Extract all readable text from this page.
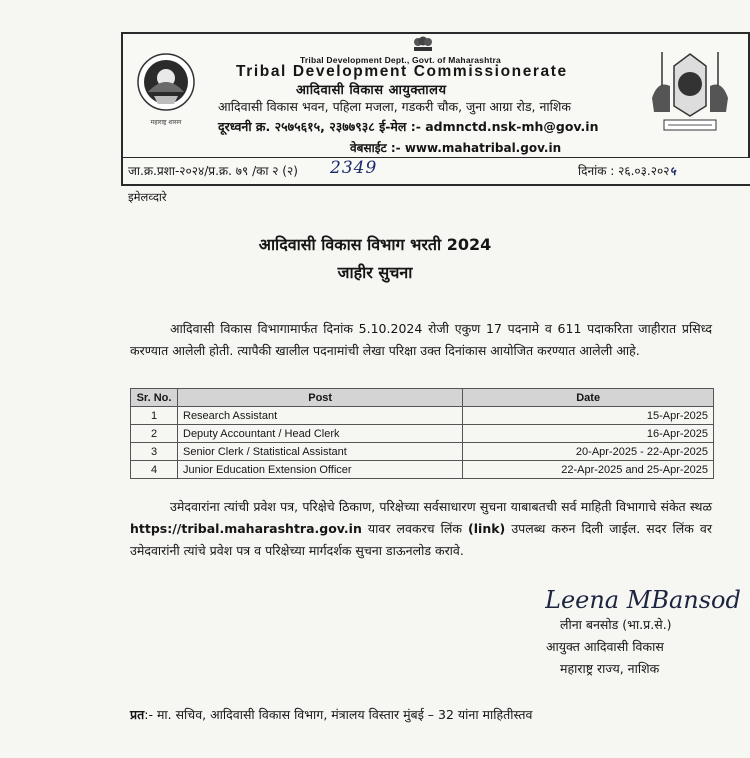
महाराष्ट्र शासन
Tribal Development Dept., Govt. of Maharashtra
Tribal Development Commissionerate
आदिवासी विकास आयुक्तालय
आदिवासी विकास भवन, पहिला मजला, गडकरी चौक, जुना आग्रा रोड, नाशिक
दूरध्वनी क्र. २५७५६१५, २३७७९३८ ई-मेल :- admnctd.nsk-mh@gov.in
वेबसाईट :- www.mahatribal.gov.in
जा.क्र.प्रशा-२०२४/प्र.क्र. ७९ /का २ (२) 2349	दिनांक : २६.०३.२०२५
इमेलव्दारे
आदिवासी विकास विभाग भरती 2024
जाहीर सुचना
आदिवासी विकास विभागामार्फत दिनांक 5.10.2024 रोजी एकुण 17 पदनामे व 611 पदाकरिता जाहीरात प्रसिध्द करण्यात आलेली होती. त्यापैकी खालील पदनामांची लेखा परिक्षा उक्त दिनांकास आयोजित करण्यात आलेली आहे.
Sr. No.	Post	Date
1	Research Assistant	15-Apr-2025
2	Deputy Accountant / Head Clerk	16-Apr-2025
3	Senior Clerk / Statistical Assistant	20-Apr-2025 - 22-Apr-2025
4	Junior Education Extension Officer	22-Apr-2025 and 25-Apr-2025
उमेदवारांना त्यांची प्रवेश पत्र, परिक्षेचे ठिकाण, परिक्षेच्या सर्वसाधारण सुचना याबाबतची सर्व माहिती विभागाचे संकेत स्थळ https://tribal.maharashtra.gov.in यावर लवकरच लिंक (link) उपलब्ध करुन दिली जाईल. सदर लिंक वर उमेदवारांनी त्यांचे प्रवेश पत्र व परिक्षेच्या मार्गदर्शक सुचना डाऊनलोड करावे.
Leena MBansod
लीना बनसोड (भा.प्र.से.)
आयुक्त आदिवासी विकास
महाराष्ट्र राज्य, नाशिक
प्रत:- मा. सचिव, आदिवासी विकास विभाग, मंत्रालय विस्तार मुंबई – 32 यांना माहितीस्तव
